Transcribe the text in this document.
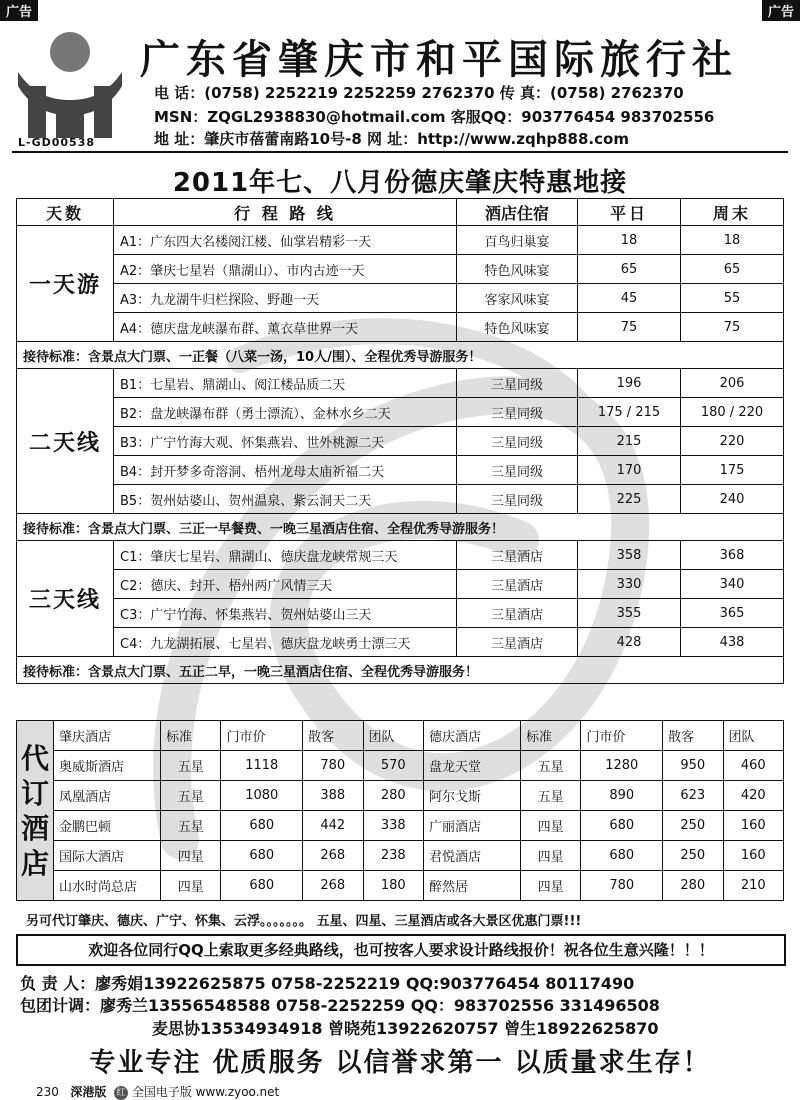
广告	广告
L-GD00538
广东省肇庆市和平国际旅行社
电 话：(0758) 2252219 2252259 2762370 传 真：(0758) 2762370
MSN：ZQGL2938830@hotmail.com 客服QQ：903776454 983702556
地 址：肇庆市蓓蕾南路10号-8 网 址：http://www.zqhp888.com
2011年七、八月份德庆肇庆特惠地接
天数	行 程 路 线	酒店住宿	平日	周末
一天游	A1：广东四大名楼阅江楼、仙掌岩精彩一天	百鸟归巢宴	18	18
	A2：肇庆七星岩（鼎湖山）、市内古迹一天	特色风味宴	65	65
	A3：九龙湖牛归栏探险、野趣一天	客家风味宴	45	55
	A4：德庆盘龙峡瀑布群、薰衣草世界一天	特色风味宴	75	75
接待标准：含景点大门票、一正餐（八菜一汤，10人/围）、全程优秀导游服务！				
二天线	B1：七星岩、鼎湖山、阅江楼品质二天	三星同级	196	206
	B2：盘龙峡瀑布群（勇士漂流）、金林水乡二天	三星同级	175 / 215	180 / 220
	B3：广宁竹海大观、怀集燕岩、世外桃源二天	三星同级	215	220
	B4：封开梦多奇溶洞、梧州龙母太庙祈福二天	三星同级	170	175
	B5：贺州姑婆山、贺州温泉、紫云洞天二天	三星同级	225	240
接待标准：含景点大门票、三正一早餐费、一晚三星酒店住宿、全程优秀导游服务！				
三天线	C1：肇庆七星岩、鼎湖山、德庆盘龙峡常规三天	三星酒店	358	368
	C2：德庆、封开、梧州两广风情三天	三星酒店	330	340
	C3：广宁竹海、怀集燕岩、贺州姑婆山三天	三星酒店	355	365
	C4：九龙湖拓展、七星岩、德庆盘龙峡勇士漂三天	三星酒店	428	438
接待标准：含景点大门票、五正二早，一晚三星酒店住宿、全程优秀导游服务！				
代
订
酒
店	肇庆酒店	标准	门市价	散客	团队	德庆酒店	标准	门市价	散客	团队
	奥威斯酒店	五星	1118	780	570	盘龙天堂	五星	1280	950	460
	凤凰酒店	五星	1080	388	280	阿尔戈斯	五星	890	623	420
	金鹏巴顿	五星	680	442	338	广丽酒店	四星	680	250	160
	国际大酒店	四星	680	268	238	君悦酒店	四星	680	250	160
	山水时尚总店	四星	680	268	180	醉然居	四星	780	280	210
另可代订肇庆、德庆、广宁、怀集、云浮。。。。。。。 五星、四星、三星酒店或各大景区优惠门票!!!
欢迎各位同行QQ上索取更多经典路线，也可按客人要求设计路线报价！祝各位生意兴隆！！！
负 责 人：廖秀娟13922625875 0758-2252219 QQ:903776454 80117490
包团计调：廖秀兰13556548588 0758-2252259 QQ：983702556 331496508
麦思协13534934918 曾晓苑13922620757 曾生18922625870
专业专注 优质服务 以信誉求第一 以质量求生存！
230 深港版 红 全国电子版 www.zyoo.net
